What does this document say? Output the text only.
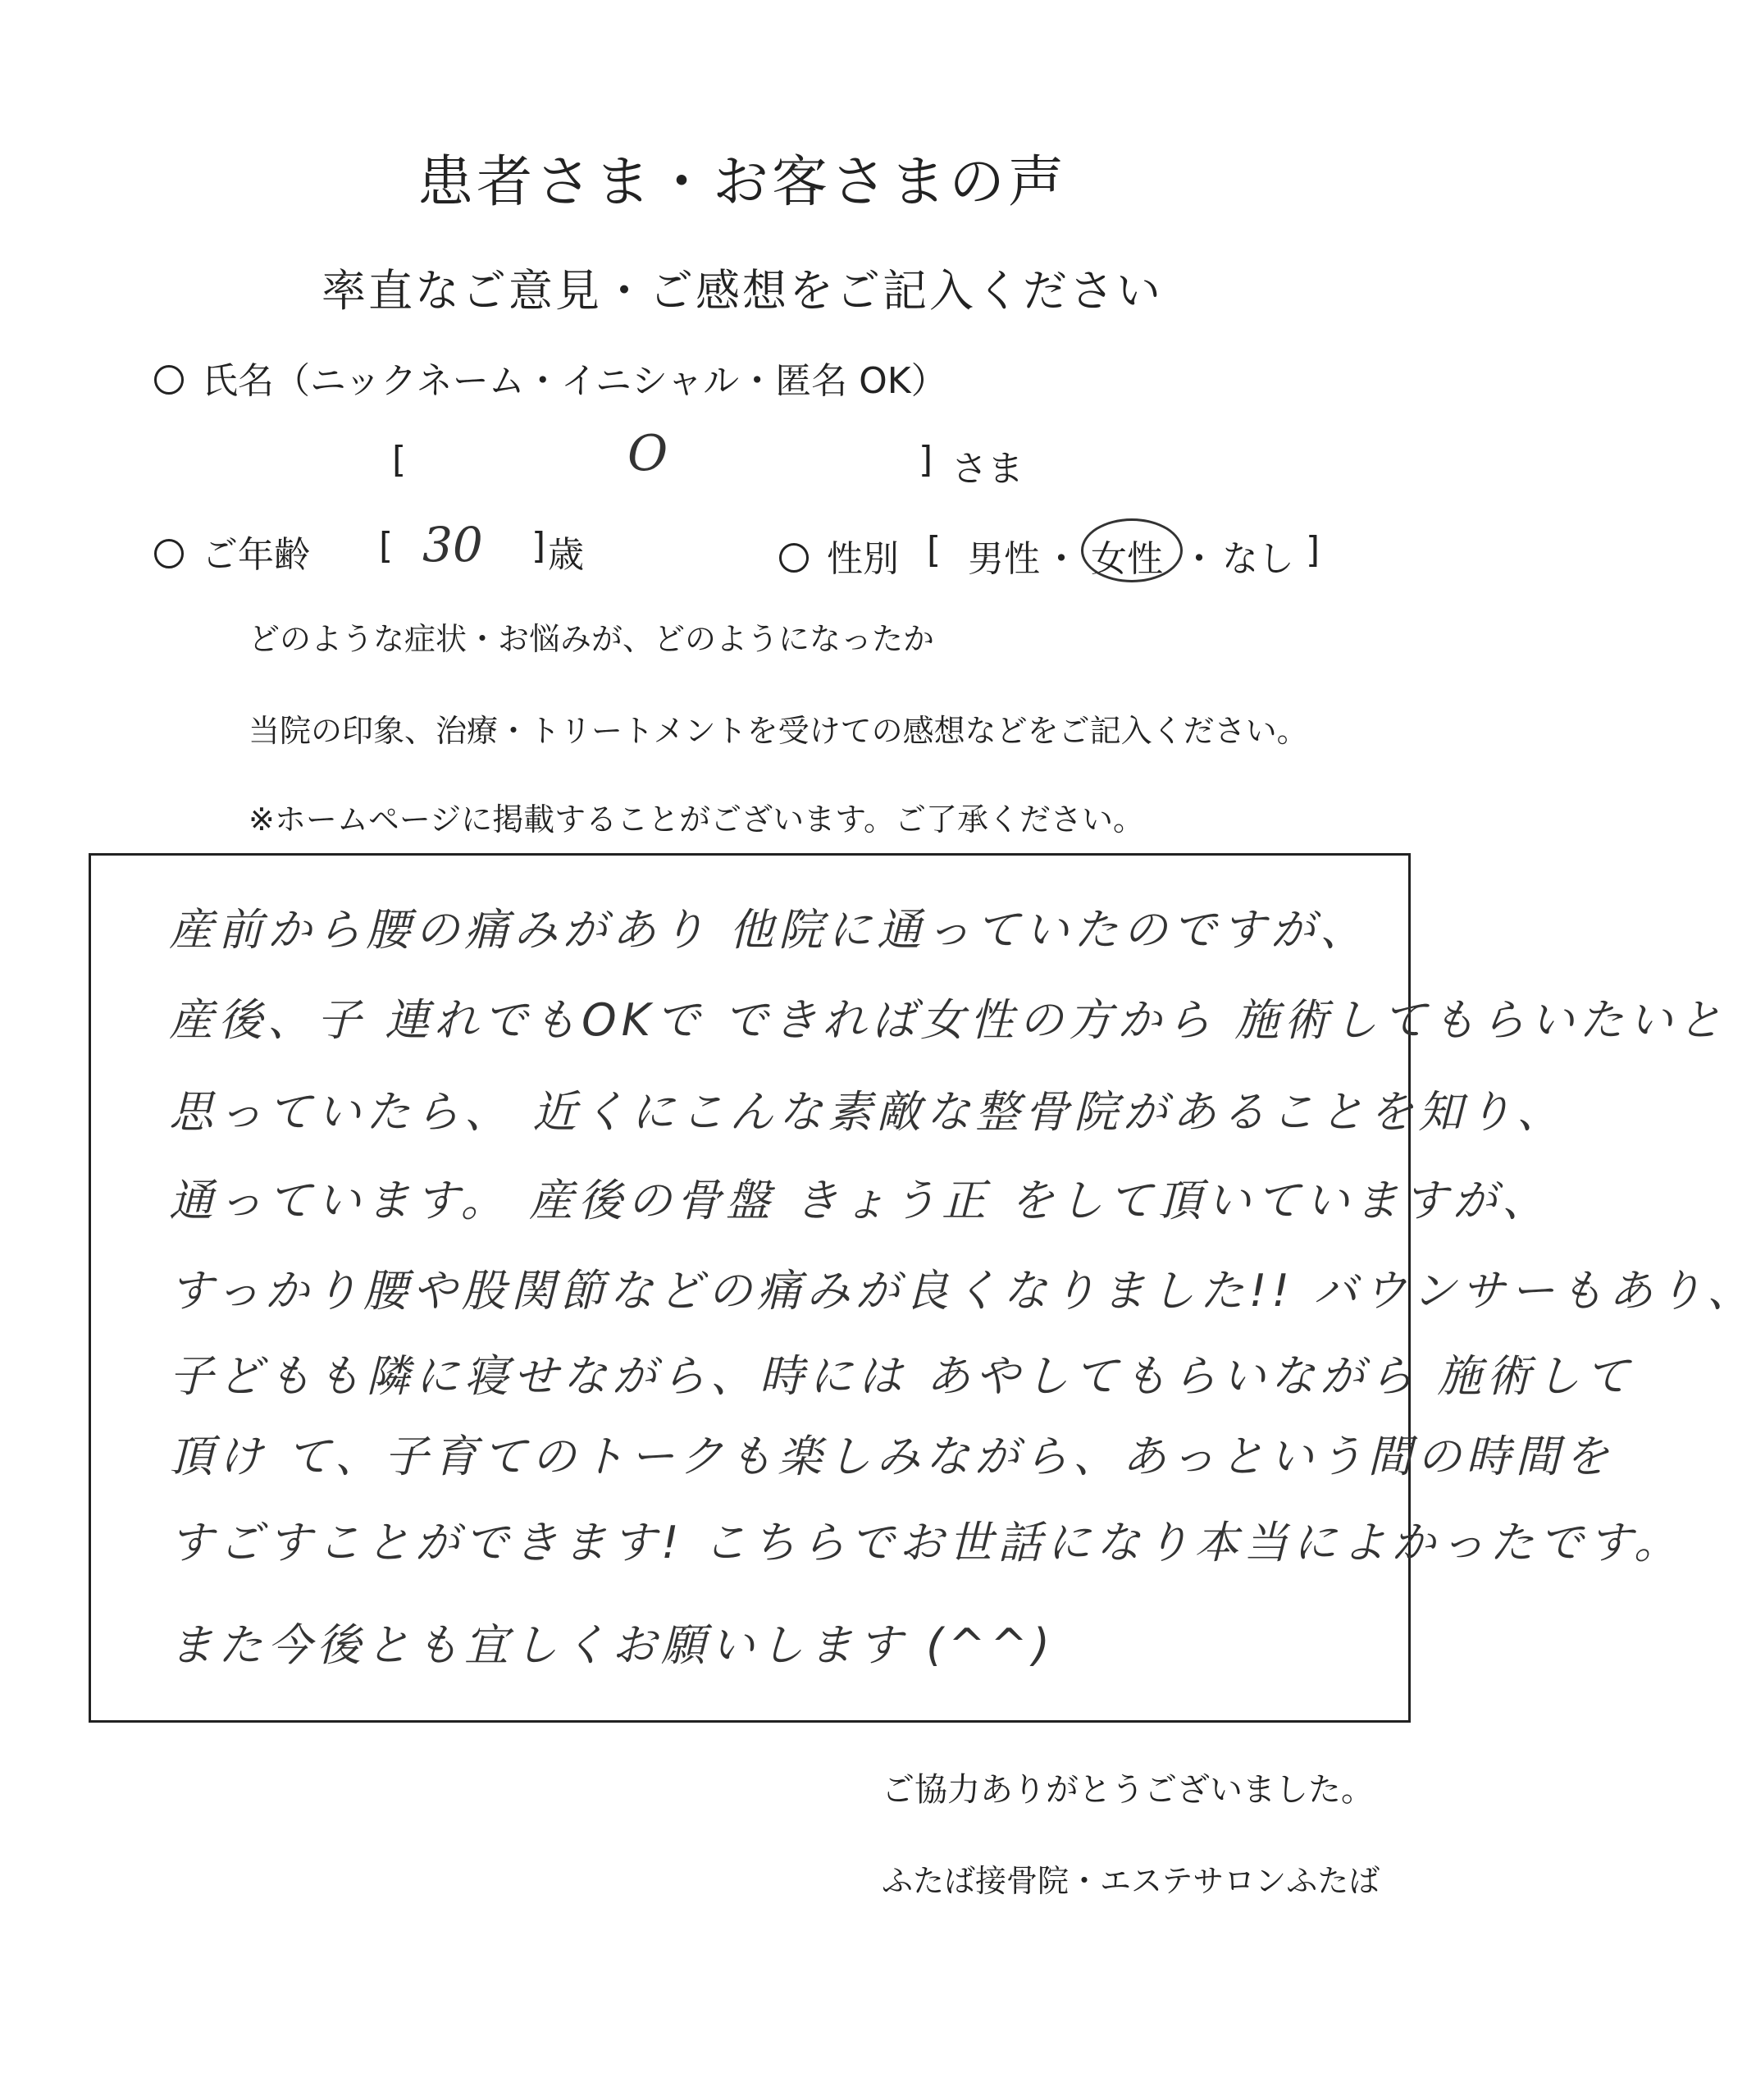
患者さま・お客さまの声
率直なご意見・ご感想をご記入ください
氏名（ニックネーム・イニシャル・匿名 OK）
[	O	] さま
ご年齢 [ 30 ] 歳	性別 [ 男性 ・ 女性 ・ なし ]
どのような症状・お悩みが、どのようになったか
当院の印象、治療・トリートメントを受けての感想などをご記入ください。
※ホームページに掲載することがございます。ご了承ください。
産前から腰の痛みがあり 他院に通っていたのですが、
産後、子 連れでもOKで できれば女性の方から 施術してもらいたいと
思っていたら、 近くにこんな素敵な整骨院があることを知り、
通っています。 産後の骨盤 きょう正 をして頂いていますが、
すっかり腰や股関節などの痛みが良くなりました!! バウンサーもあり、
子どもも隣に寝せながら、時には あやしてもらいながら 施術して
頂け て、子育てのトークも楽しみながら、あっという間の時間を
すごすことができます! こちらでお世話になり本当によかったです。
また今後とも宜しくお願いします (^^)
ご協力ありがとうございました。
ふたば接骨院・エステサロンふたば
